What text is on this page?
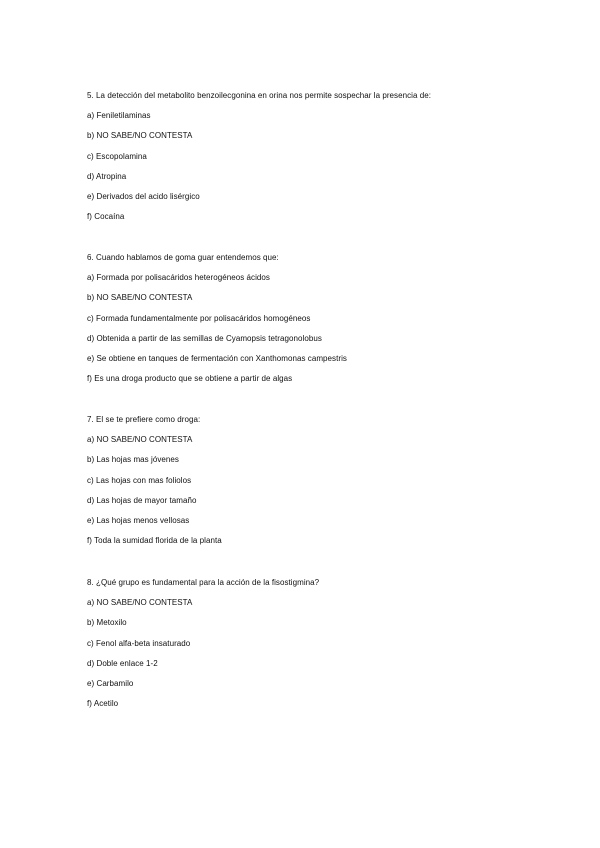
5. La detección del metabolito benzoilecgonina en orina nos permite sospechar la presencia de:
a) Feniletilaminas
b) NO SABE/NO CONTESTA
c) Escopolamina
d) Atropina
e) Derivados del acido lisérgico
f) Cocaína
6. Cuando hablamos de goma guar entendemos que:
a) Formada por polisacáridos heterogéneos ácidos
b) NO SABE/NO CONTESTA
c) Formada fundamentalmente por polisacáridos homogéneos
d) Obtenida a partir de las semillas de Cyamopsis tetragonolobus
e) Se obtiene en tanques de fermentación con Xanthomonas campestris
f) Es una droga producto que se obtiene a partir de algas
7. El se te prefiere como droga:
a) NO SABE/NO CONTESTA
b) Las hojas mas jóvenes
c) Las hojas con mas foliolos
d) Las hojas de mayor tamaño
e) Las hojas menos vellosas
f) Toda la sumidad florida de la planta
8. ¿Qué grupo es fundamental para la acción de la fisostigmina?
a) NO SABE/NO CONTESTA
b) Metoxilo
c) Fenol alfa-beta insaturado
d) Doble enlace 1-2
e) Carbamilo
f) Acetilo
